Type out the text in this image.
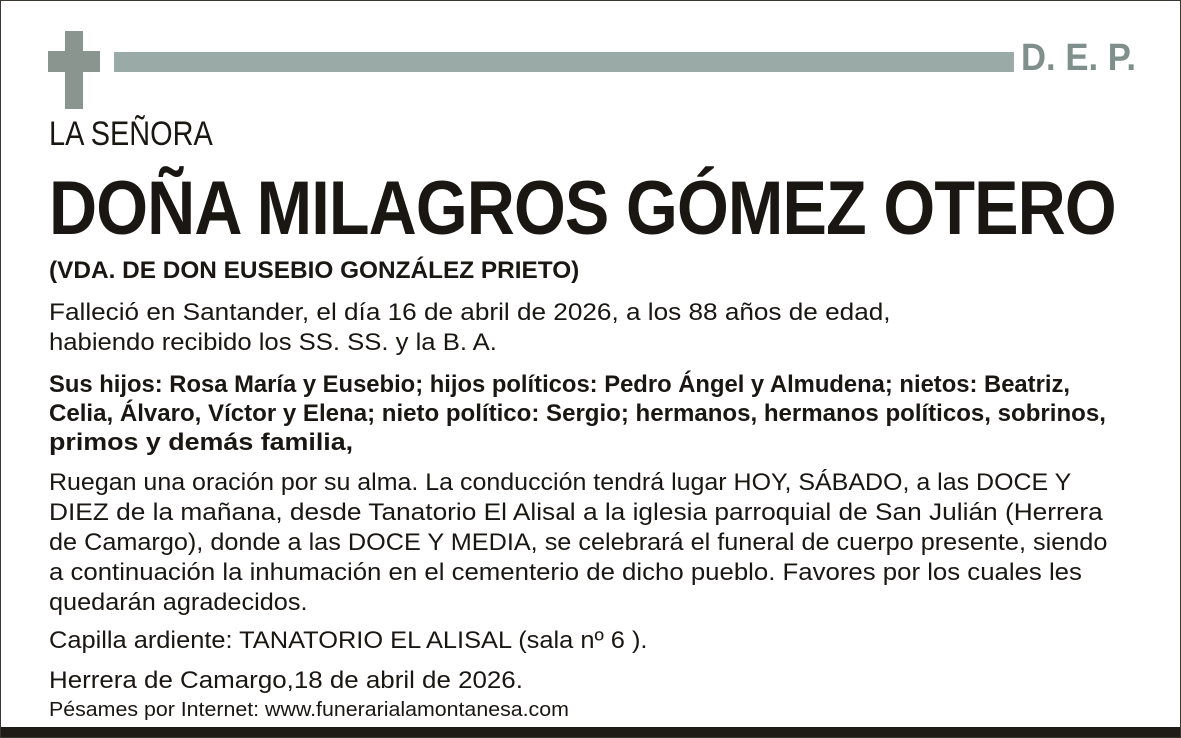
D. E. P.
LA SEÑORA
DOÑA MILAGROS GÓMEZ OTERO
(VDA. DE DON EUSEBIO GONZÁLEZ PRIETO)
Falleció en Santander, el día 16 de abril de 2026, a los 88 años de edad,
habiendo recibido los SS. SS. y la B. A.
Sus hijos: Rosa María y Eusebio; hijos políticos: Pedro Ángel y Almudena; nietos: Beatriz,
Celia, Álvaro, Víctor y Elena; nieto político: Sergio; hermanos, hermanos políticos, sobrinos,
primos y demás familia,
Ruegan una oración por su alma. La conducción tendrá lugar HOY, SÁBADO, a las DOCE Y
DIEZ de la mañana, desde Tanatorio El Alisal a la iglesia parroquial de San Julián (Herrera
de Camargo), donde a las DOCE Y MEDIA, se celebrará el funeral de cuerpo presente, siendo
a continuación la inhumación en el cementerio de dicho pueblo. Favores por los cuales les
quedarán agradecidos.
Capilla ardiente: TANATORIO EL ALISAL (sala nº 6 ).
Herrera de Camargo,18 de abril de 2026.
Pésames por Internet: www.funerarialamontanesa.com
